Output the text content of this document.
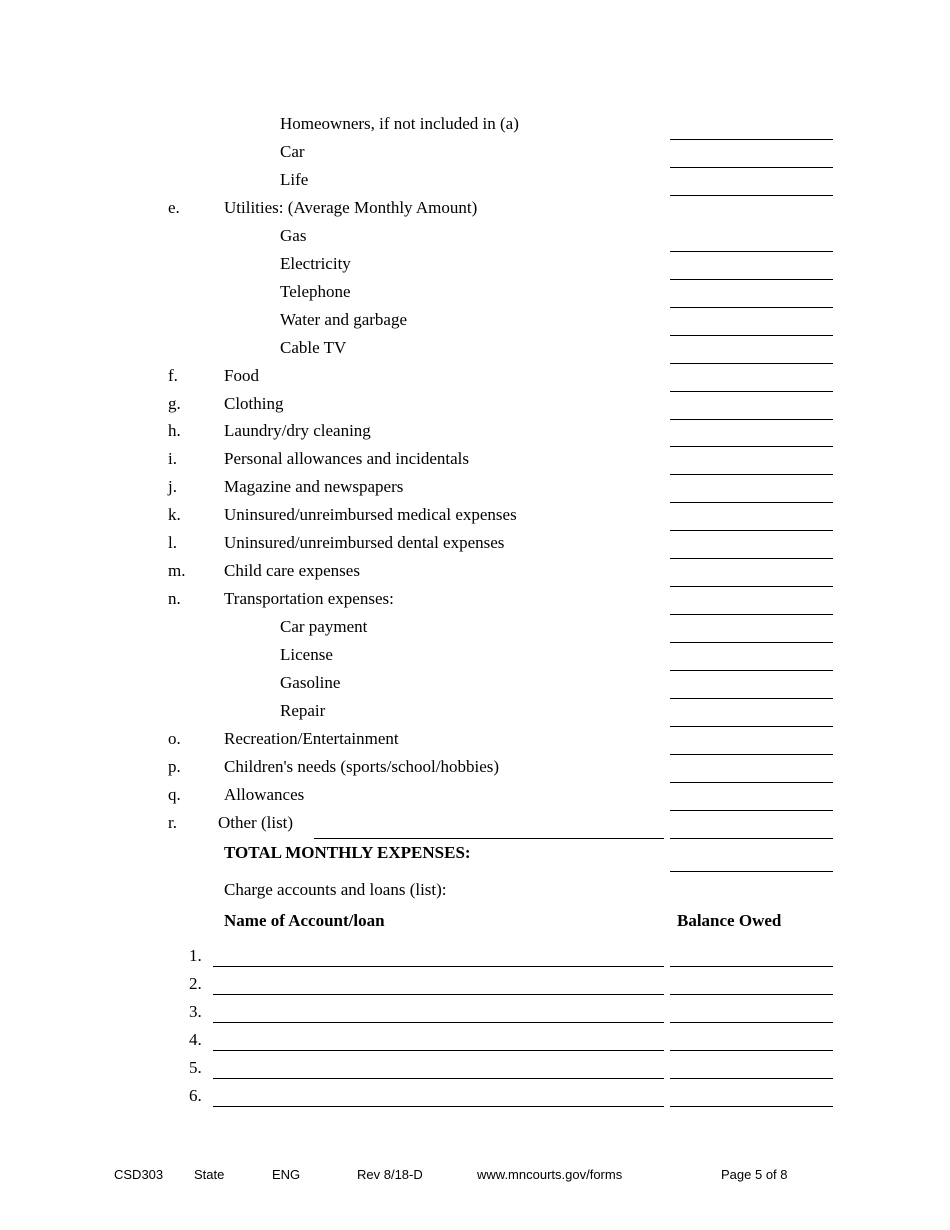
Homeowners, if not included in (a)
Car
Life
e.	Utilities: (Average Monthly Amount)
Gas
Electricity
Telephone
Water and garbage
Cable TV
f.	Food
g.	Clothing
h.	Laundry/dry cleaning
i.	Personal allowances and incidentals
j.	Magazine and newspapers
k.	Uninsured/unreimbursed medical expenses
l.	Uninsured/unreimbursed dental expenses
m. Child care expenses
n.	Transportation expenses:
Car payment
License
Gasoline
Repair
o.	Recreation/Entertainment
p.	Children's needs (sports/school/hobbies)
q.	Allowances
r. Other (list)
TOTAL MONTHLY EXPENSES:
Charge accounts and loans (list):
Name of Account/loan	Balance Owed
1.
2.
3.
4.
5.
6.
CSD303 State	ENG	Rev 8/18-D	www.mncourts.gov/forms	Page 5 of 8
